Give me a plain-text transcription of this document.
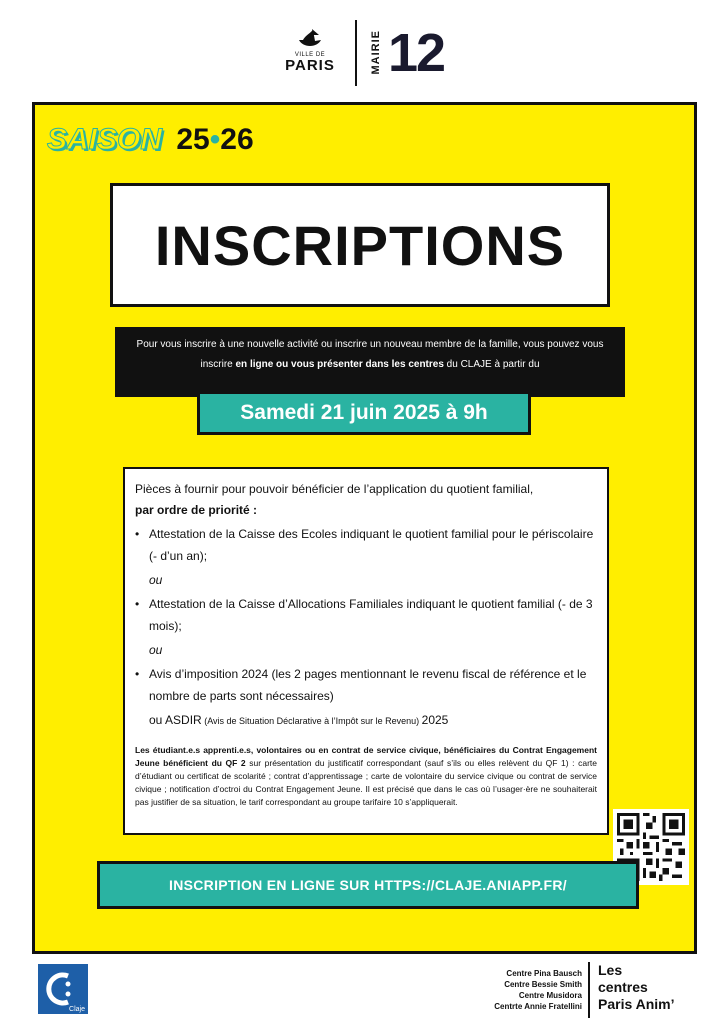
VILLE DE
PARIS	MAIRIE 12
SAISON 25•26
INSCRIPTIONS
Pour vous inscrire à une nouvelle activité ou inscrire un nouveau membre de la famille, vous pouvez vous inscrire en ligne ou vous présenter dans les centres du CLAJE à partir du
Samedi 21 juin 2025 à 9h
Pièces à fournir pour pouvoir bénéficier de l’application du quotient familial,
par ordre de priorité :
• Attestation de la Caisse des Ecoles indiquant le quotient familial pour le périscolaire (- d’un an);
ou
• Attestation de la Caisse d’Allocations Familiales indiquant le quotient familial (- de 3 mois);
ou
• Avis d’imposition 2024 (les 2 pages mentionnant le revenu fiscal de référence et le nombre de parts sont nécessaires)
ou ASDIR (Avis de Situation Déclarative à l’Impôt sur le Revenu) 2025
Les étudiant.e.s apprenti.e.s, volontaires ou en contrat de service civique, bénéficiaires du Contrat Engagement Jeune bénéficient du QF 2 sur présentation du justificatif correspondant (sauf s’ils ou elles relèvent du QF 1) : carte d’étudiant ou certificat de scolarité ; contrat d’apprentissage ; carte de volontaire du service civique ou contrat de service civique ; notification d’octroi du Contrat Engagement Jeune. Il est précisé que dans le cas où l’usager·ère ne souhaiterait pas justifier de sa situation, le tarif correspondant au groupe tarifaire 10 s’appliquerait.
INSCRIPTION EN LIGNE SUR HTTPS://CLAJE.ANIAPP.FR/
Claje
Centre Pina Bausch
Centre Bessie Smith
Centre Musidora
Centrte Annie Fratellini
Les
centres
Paris Anim’
